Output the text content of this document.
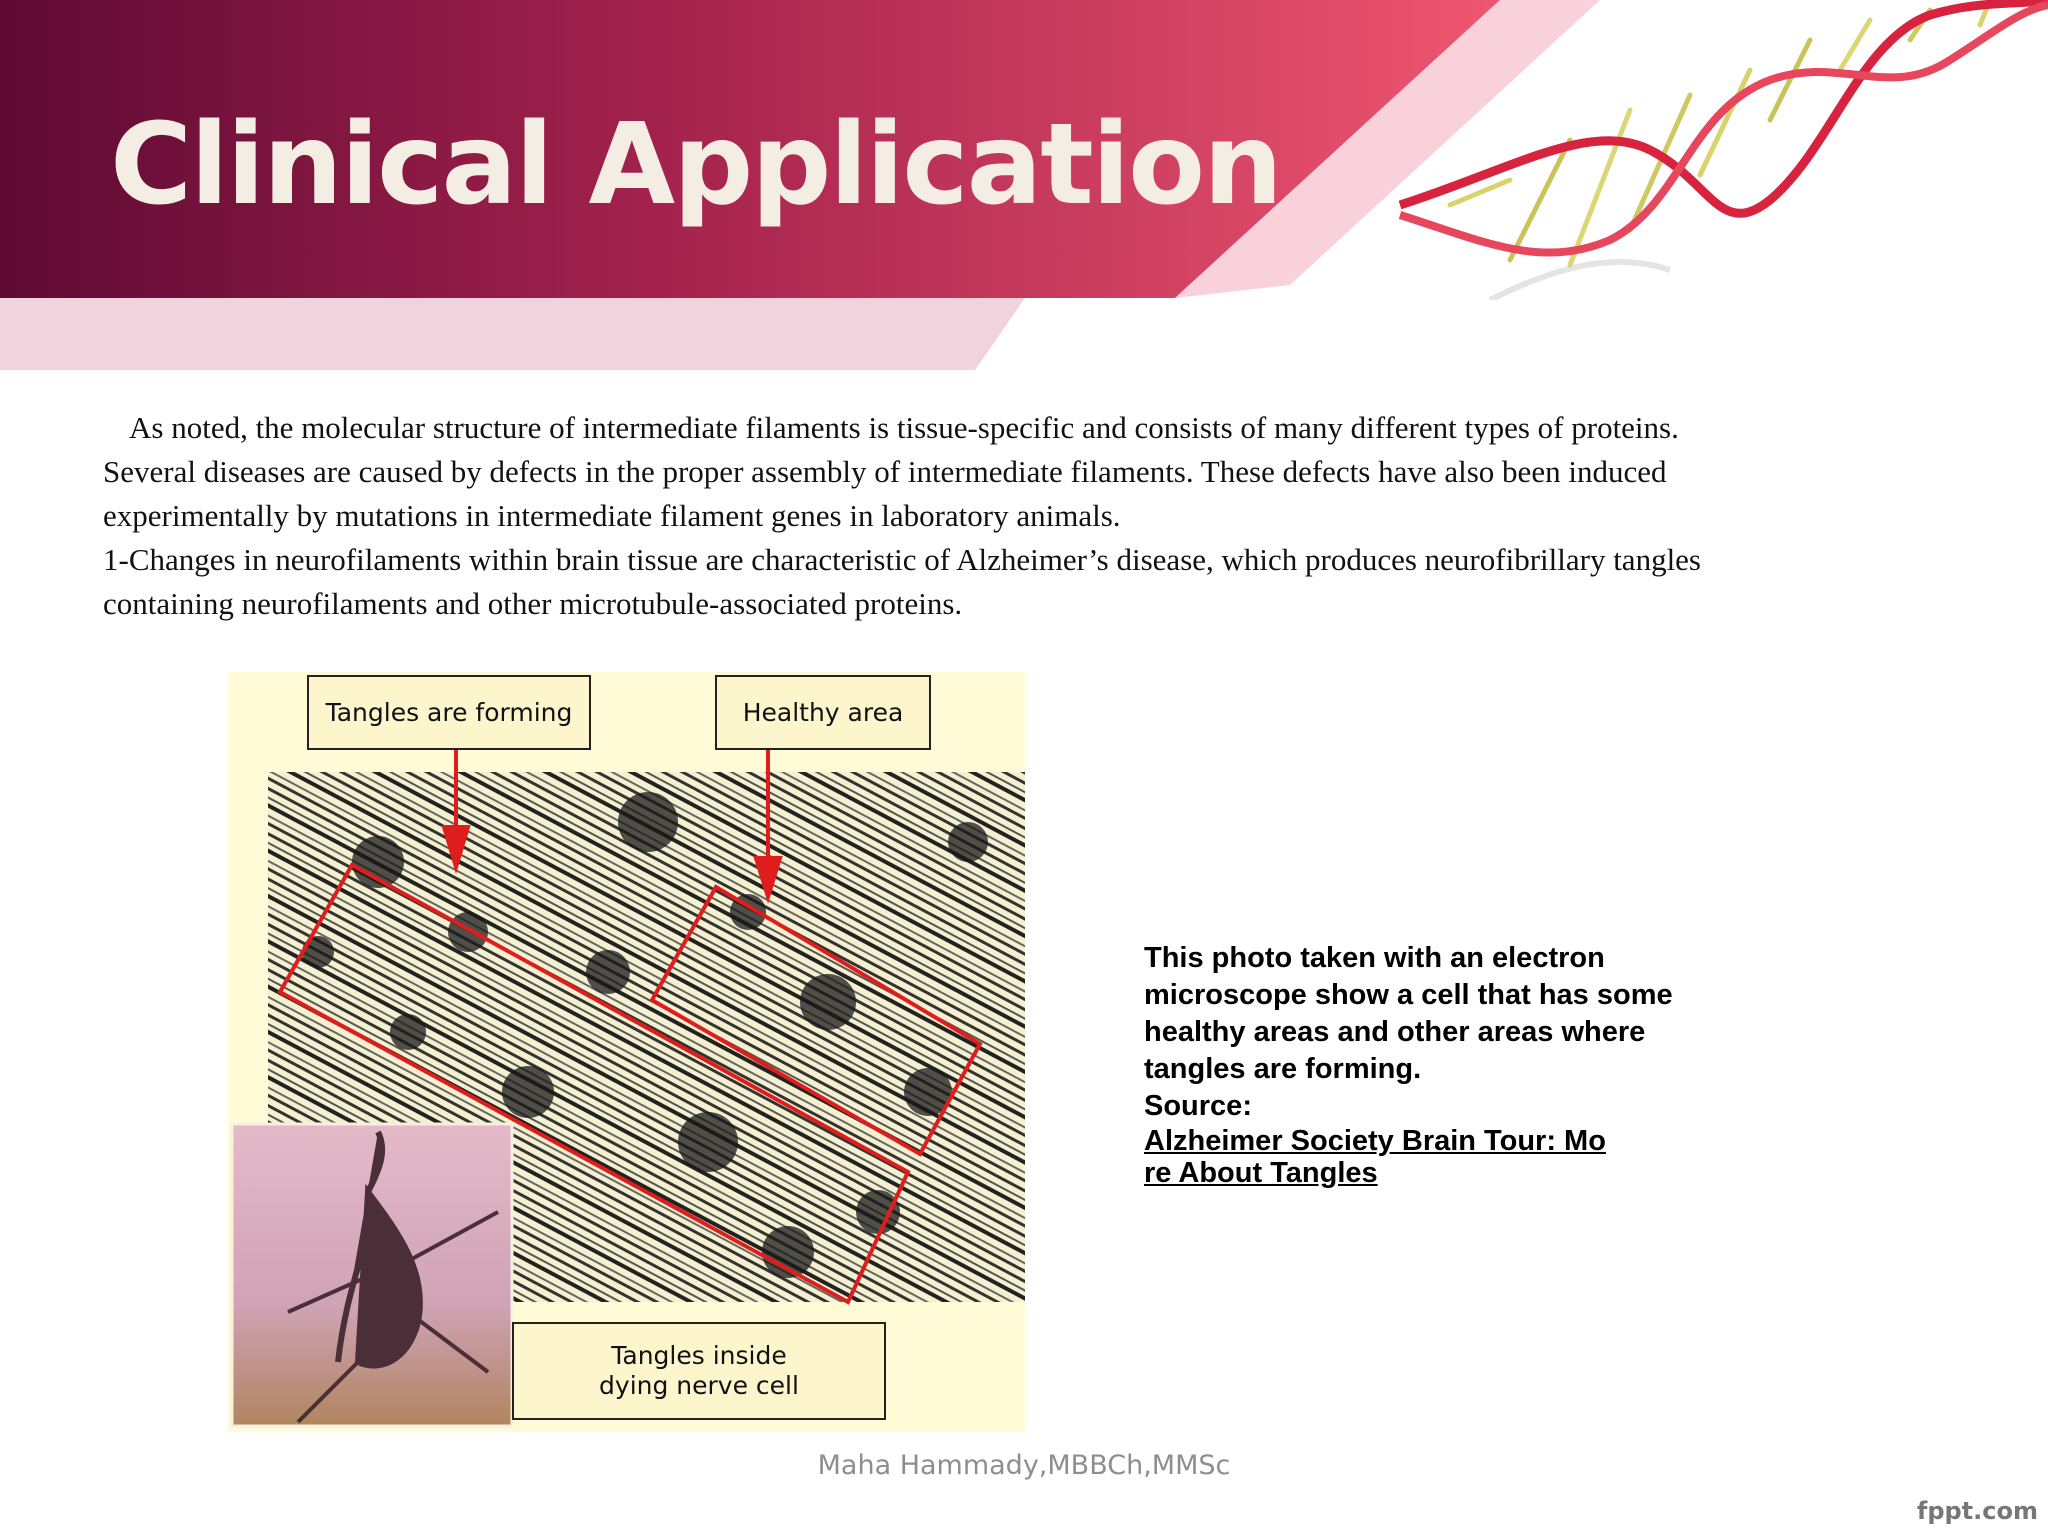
Clinical Application

As noted, the molecular structure of intermediate filaments is tissue-specific and consists of many different types of proteins. Several diseases are caused by defects in the proper assembly of intermediate filaments. These defects have also been induced experimentally by mutations in intermediate filament genes in laboratory animals.

1-Changes in neurofilaments within brain tissue are characteristic of Alzheimer’s disease, which produces neurofibrillary tangles containing neurofilaments and other microtubule-associated proteins.

Tangles are forming	Healthy area
Tangles inside
dying nerve cell

This photo taken with an electron microscope show a cell that has some healthy areas and other areas where tangles are forming.

Source:

Alzheimer Society Brain Tour: Mo
re About Tangles
Maha Hammady,MBBCh,MMSc
fppt.com
